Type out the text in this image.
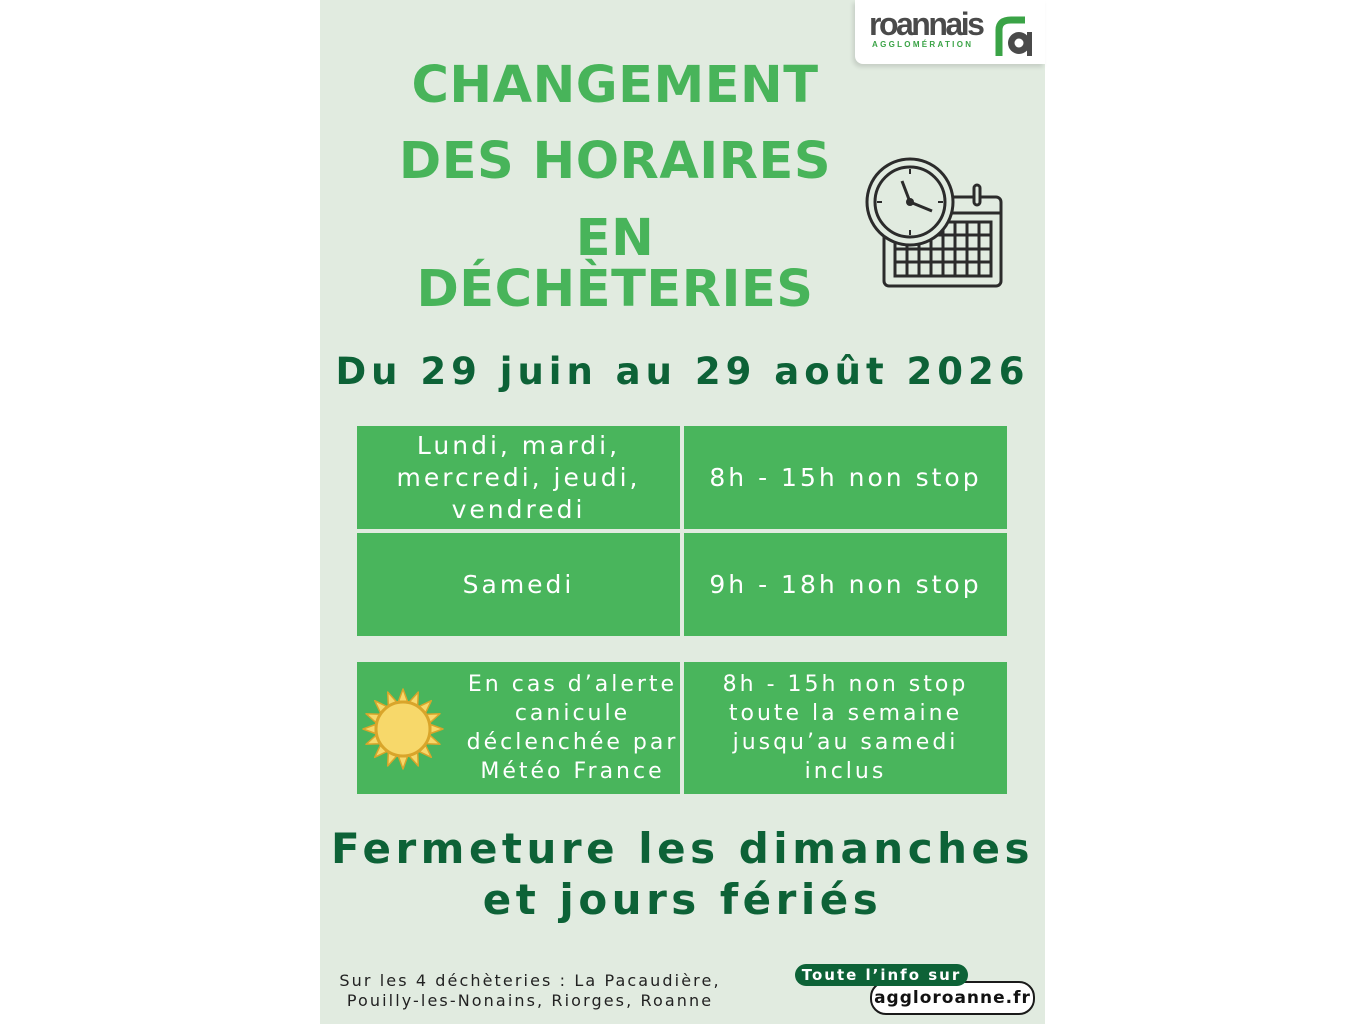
roannais
AGGLOMÉRATION
CHANGEMENT
DES HORAIRES
EN DÉCHÈTERIES
Du 29 juin au 29 août 2026
Lundi, mardi,
mercredi, jeudi,
vendredi
8h - 15h non stop
Samedi	9h - 18h non stop
En cas d’alerte
canicule
déclenchée par
Météo France
8h - 15h non stop
toute la semaine
jusqu’au samedi
inclus
Fermeture les dimanches
et jours fériés
Sur les 4 déchèteries : La Pacaudière,
Pouilly-les-Nonains, Riorges, Roanne	aggloroanne.fr
Toute l’info sur
